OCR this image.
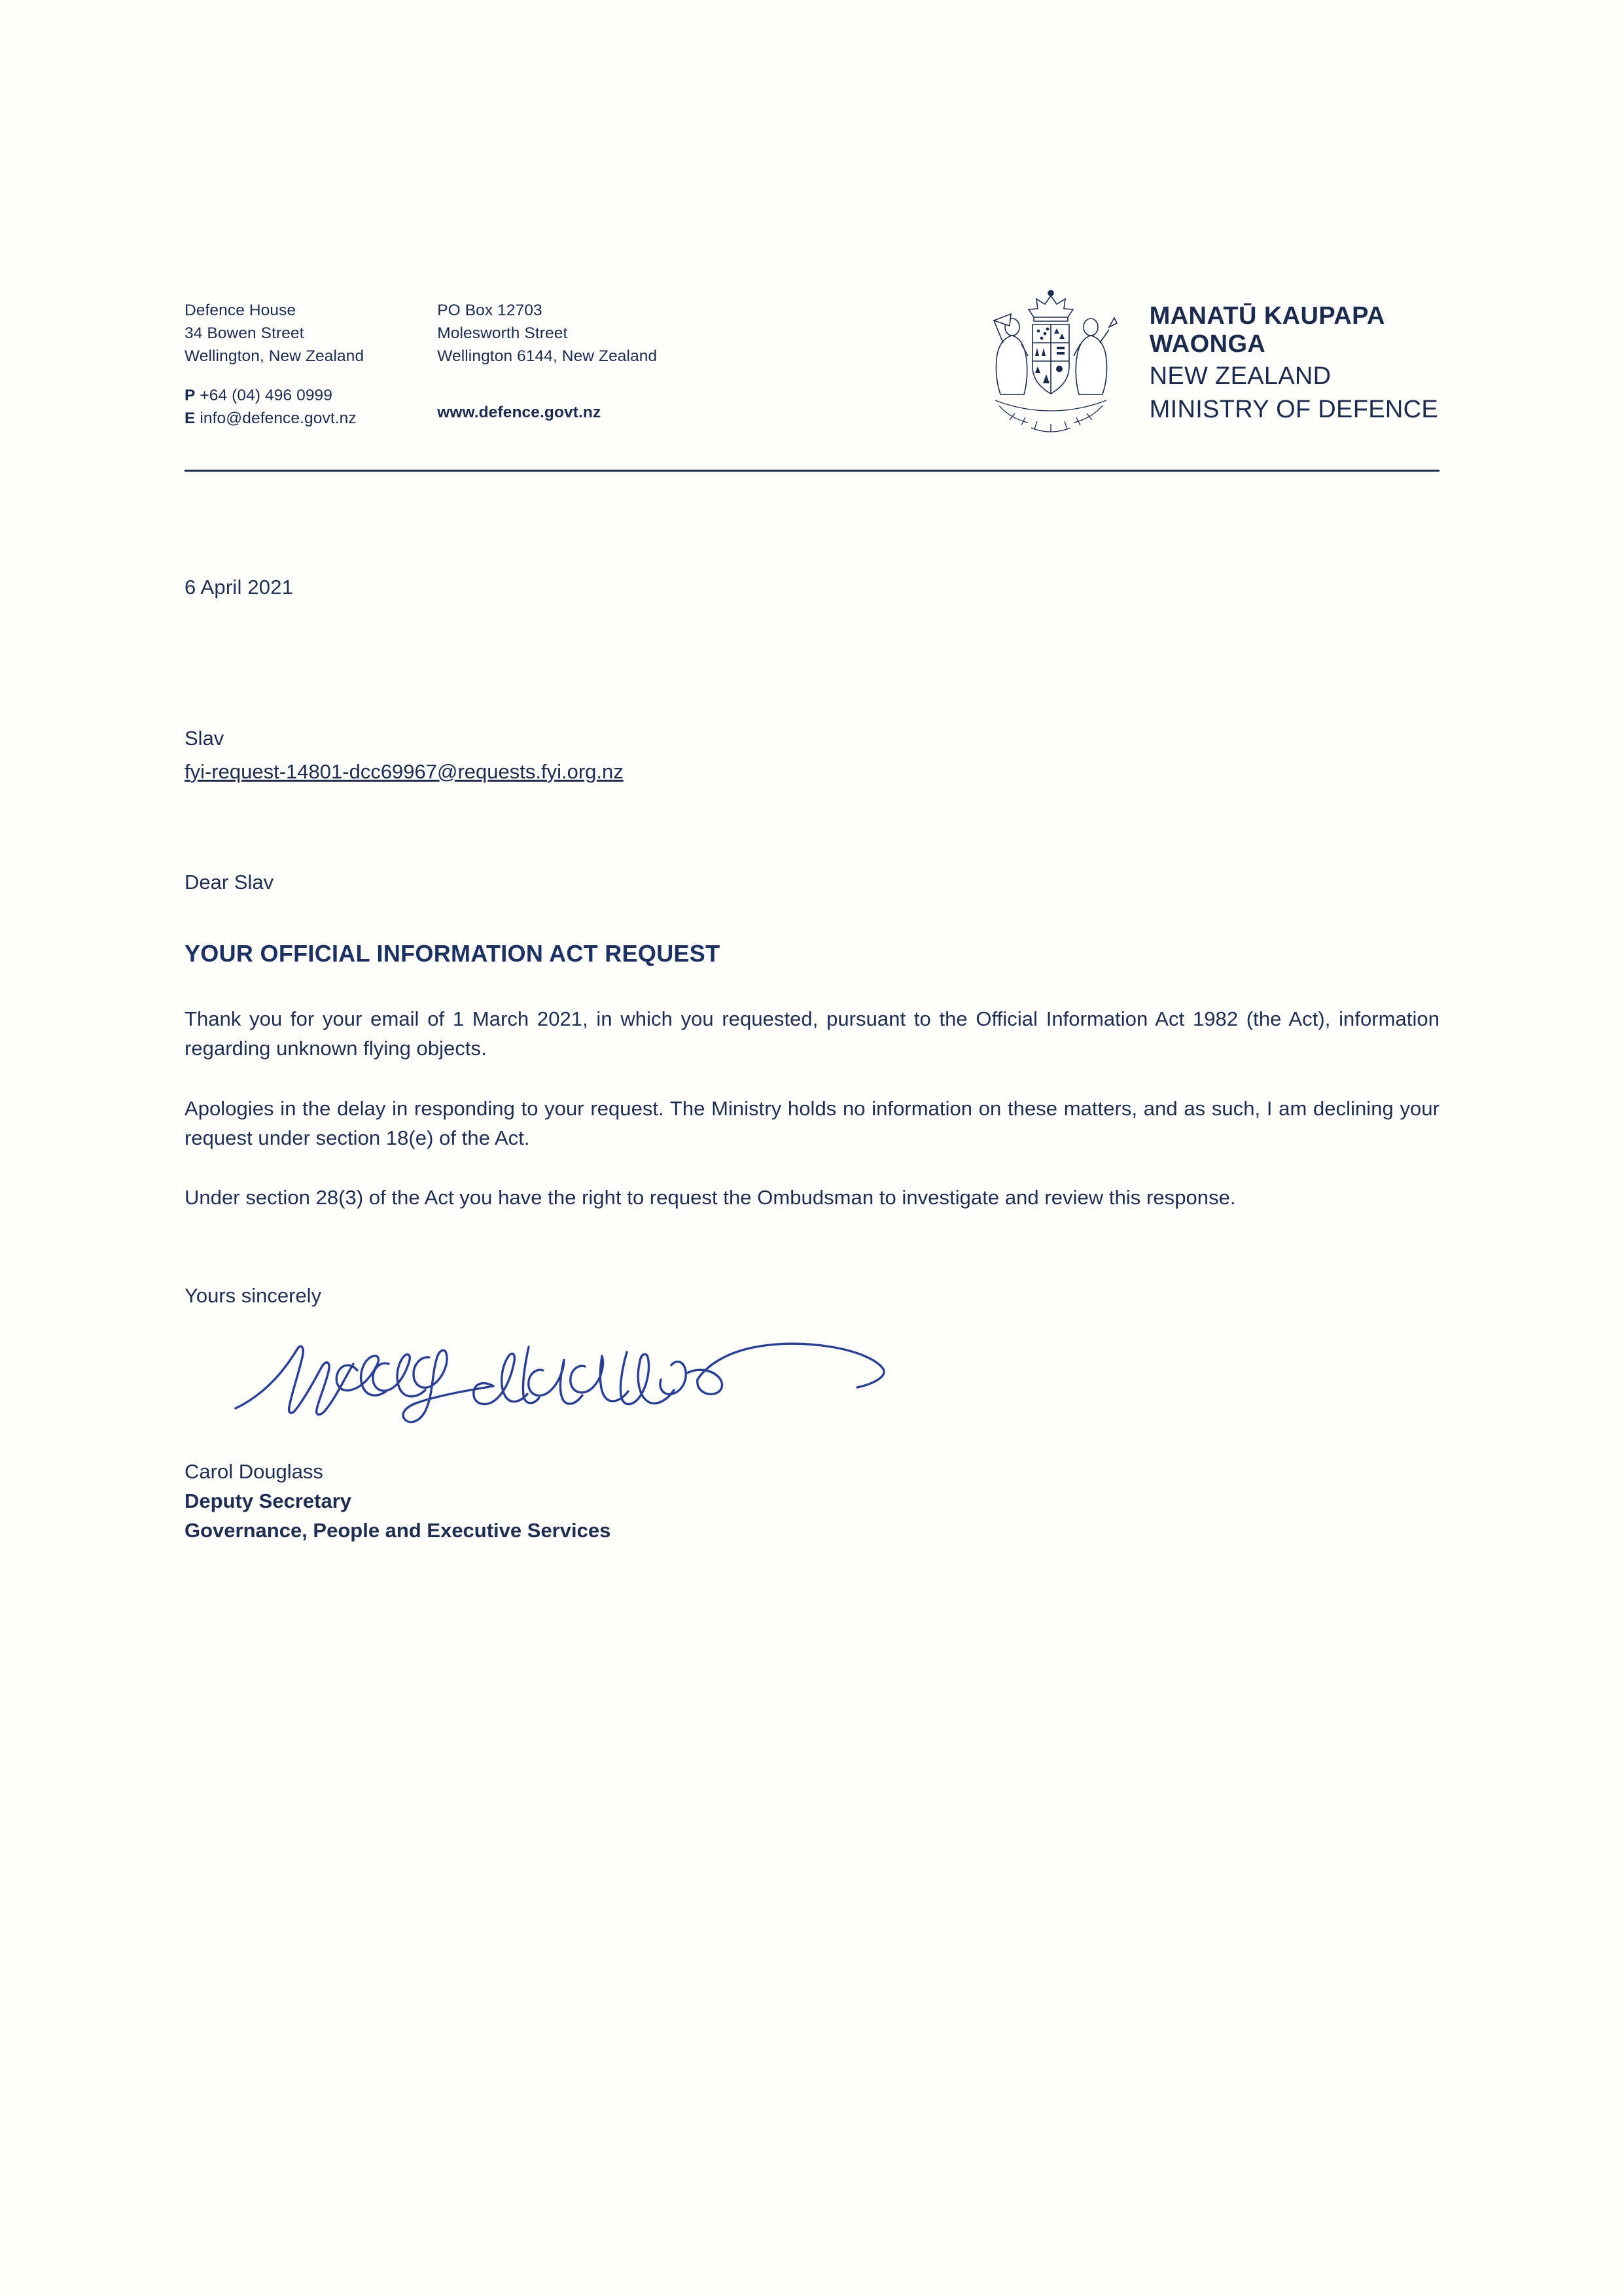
Defence House
34 Bowen Street
Wellington, New Zealand
P +64 (04) 496 0999
E info@defence.govt.nz
PO Box 12703
Molesworth Street
Wellington 6144, New Zealand
www.defence.govt.nz
MANATŪ KAUPAPA
WAONGA
NEW ZEALAND
MINISTRY OF DEFENCE
6 April 2021
Slav
fyi-request-14801-dcc69967@requests.fyi.org.nz
Dear Slav
YOUR OFFICIAL INFORMATION ACT REQUEST
Thank you for your email of 1 March 2021, in which you requested, pursuant to the Official Information Act 1982 (the Act), information regarding unknown flying objects.
Apologies in the delay in responding to your request. The Ministry holds no information on these matters, and as such, I am declining your request under section 18(e) of the Act.
Under section 28(3) of the Act you have the right to request the Ombudsman to investigate and review this response.
Yours sincerely
Carol Douglass
Deputy Secretary
Governance, People and Executive Services
